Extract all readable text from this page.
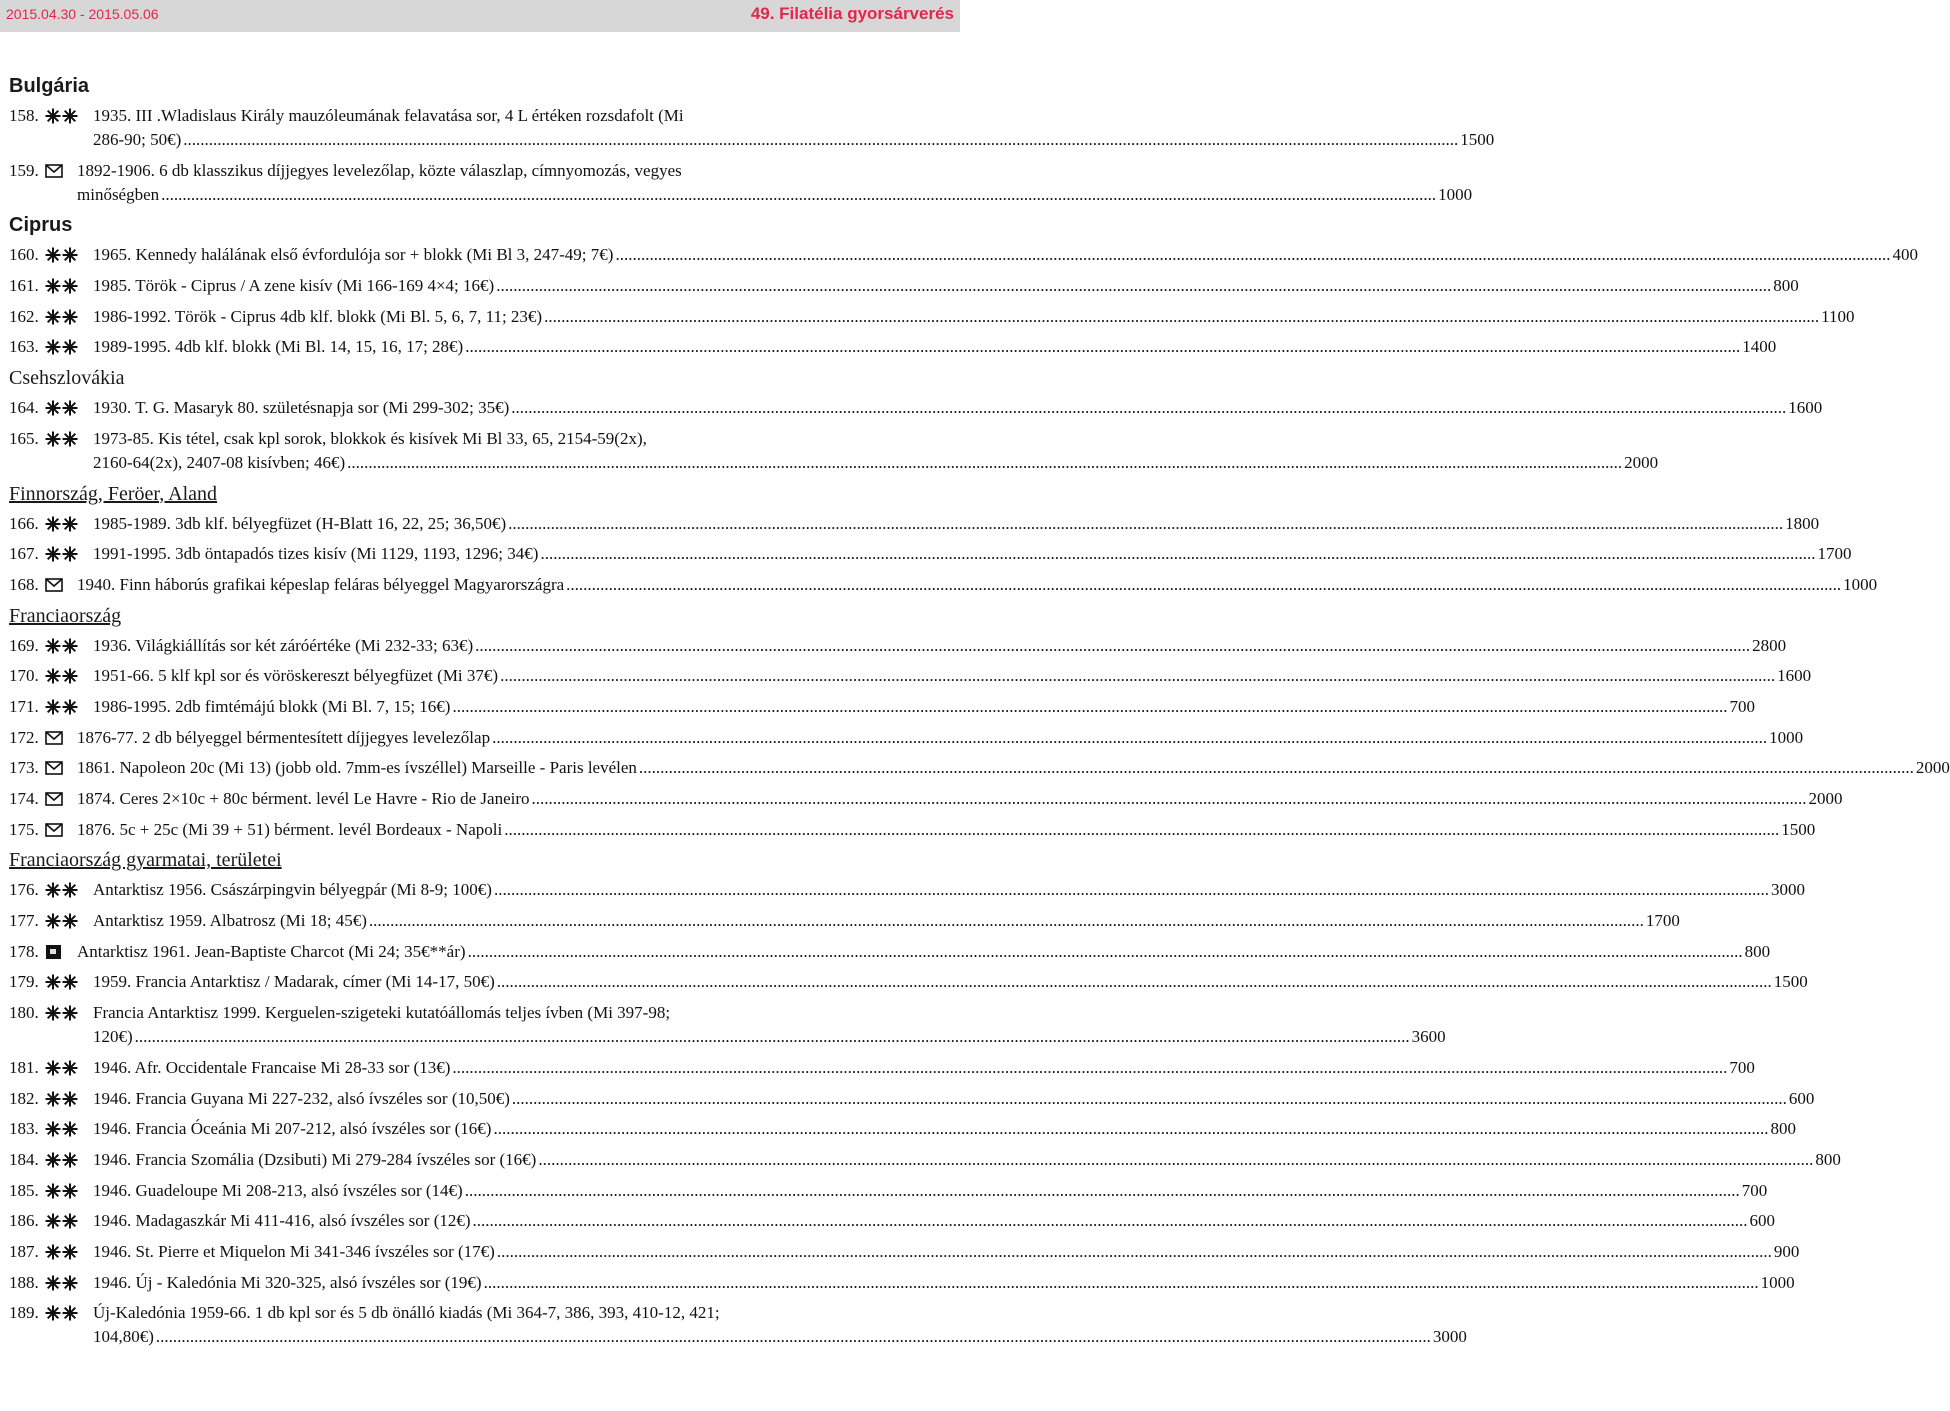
2015.04.30 - 2015.05.06	49. Filatélia gyorsárverés
Bulgária
158.	1935. III .Wladislaus Király mauzóleumának felavatása sor, 4 L értéken rozsdafolt (Mi
286-90; 50€) ............................................................................................................................................................................................................................................................................................................ 1500
159. 1892-1906. 6 db klasszikus díjjegyes levelezőlap, közte válaszlap, címnyomozás, vegyes
minőségben ............................................................................................................................................................................................................................................................................................................ 1000
Ciprus
160.	1965. Kennedy halálának első évfordulója sor + blokk (Mi Bl 3, 247-49; 7€) ............................................................................................................................................................................................................................................................................................................ 400
161.	1985. Török - Ciprus / A zene kisív (Mi 166-169 4×4; 16€) ............................................................................................................................................................................................................................................................................................................ 800
162.	1986-1992. Török - Ciprus 4db klf. blokk (Mi Bl. 5, 6, 7, 11; 23€) ............................................................................................................................................................................................................................................................................................................ 1100
163.	1989-1995. 4db klf. blokk (Mi Bl. 14, 15, 16, 17; 28€) ............................................................................................................................................................................................................................................................................................................ 1400
Csehszlovákia
164.	1930. T. G. Masaryk 80. születésnapja sor (Mi 299-302; 35€) ............................................................................................................................................................................................................................................................................................................ 1600
165.	1973-85. Kis tétel, csak kpl sorok, blokkok és kisívek Mi Bl 33, 65, 2154-59(2x),
2160-64(2x), 2407-08 kisívben; 46€) ............................................................................................................................................................................................................................................................................................................ 2000
Finnország, Feröer, Aland
166.	1985-1989. 3db klf. bélyegfüzet (H-Blatt 16, 22, 25; 36,50€) ............................................................................................................................................................................................................................................................................................................ 1800
167.	1991-1995. 3db öntapadós tizes kisív (Mi 1129, 1193, 1296; 34€) ............................................................................................................................................................................................................................................................................................................ 1700
168. 1940. Finn háborús grafikai képeslap feláras bélyeggel Magyarországra ............................................................................................................................................................................................................................................................................................................ 1000
Franciaország
169.	1936. Világkiállítás sor két záróértéke (Mi 232-33; 63€) ............................................................................................................................................................................................................................................................................................................ 2800
170.	1951-66. 5 klf kpl sor és vöröskereszt bélyegfüzet (Mi 37€) ............................................................................................................................................................................................................................................................................................................ 1600
171.	1986-1995. 2db fimtémájú blokk (Mi Bl. 7, 15; 16€) ............................................................................................................................................................................................................................................................................................................ 700
172. 1876-77. 2 db bélyeggel bérmentesített díjjegyes levelezőlap ............................................................................................................................................................................................................................................................................................................ 1000
173. 1861. Napoleon 20c (Mi 13) (jobb old. 7mm-es ívszéllel) Marseille - Paris levélen ............................................................................................................................................................................................................................................................................................................ 2000
174. 1874. Ceres 2×10c + 80c bérment. levél Le Havre - Rio de Janeiro ............................................................................................................................................................................................................................................................................................................ 2000
175. 1876. 5c + 25c (Mi 39 + 51) bérment. levél Bordeaux - Napoli ............................................................................................................................................................................................................................................................................................................ 1500
Franciaország gyarmatai, területei
176.	Antarktisz 1956. Császárpingvin bélyegpár (Mi 8-9; 100€) ............................................................................................................................................................................................................................................................................................................ 3000
177.	Antarktisz 1959. Albatrosz (Mi 18; 45€) ............................................................................................................................................................................................................................................................................................................ 1700
178. Antarktisz 1961. Jean-Baptiste Charcot (Mi 24; 35€**ár) ............................................................................................................................................................................................................................................................................................................ 800
179.	1959. Francia Antarktisz / Madarak, címer (Mi 14-17, 50€) ............................................................................................................................................................................................................................................................................................................ 1500
180.	Francia Antarktisz 1999. Kerguelen-szigeteki kutatóállomás teljes ívben (Mi 397-98;
120€) ............................................................................................................................................................................................................................................................................................................ 3600
181.	1946. Afr. Occidentale Francaise Mi 28-33 sor (13€) ............................................................................................................................................................................................................................................................................................................ 700
182.	1946. Francia Guyana Mi 227-232, alsó ívszéles sor (10,50€) ............................................................................................................................................................................................................................................................................................................ 600
183.	1946. Francia Óceánia Mi 207-212, alsó ívszéles sor (16€) ............................................................................................................................................................................................................................................................................................................ 800
184.	1946. Francia Szomália (Dzsibuti) Mi 279-284 ívszéles sor (16€) ............................................................................................................................................................................................................................................................................................................ 800
185.	1946. Guadeloupe Mi 208-213, alsó ívszéles sor (14€) ............................................................................................................................................................................................................................................................................................................ 700
186.	1946. Madagaszkár Mi 411-416, alsó ívszéles sor (12€) ............................................................................................................................................................................................................................................................................................................ 600
187.	1946. St. Pierre et Miquelon Mi 341-346 ívszéles sor (17€) ............................................................................................................................................................................................................................................................................................................ 900
188.	1946. Új - Kaledónia Mi 320-325, alsó ívszéles sor (19€) ............................................................................................................................................................................................................................................................................................................ 1000
189.	Új-Kaledónia 1959-66. 1 db kpl sor és 5 db önálló kiadás (Mi 364-7, 386, 393, 410-12, 421;
104,80€) ............................................................................................................................................................................................................................................................................................................ 3000
